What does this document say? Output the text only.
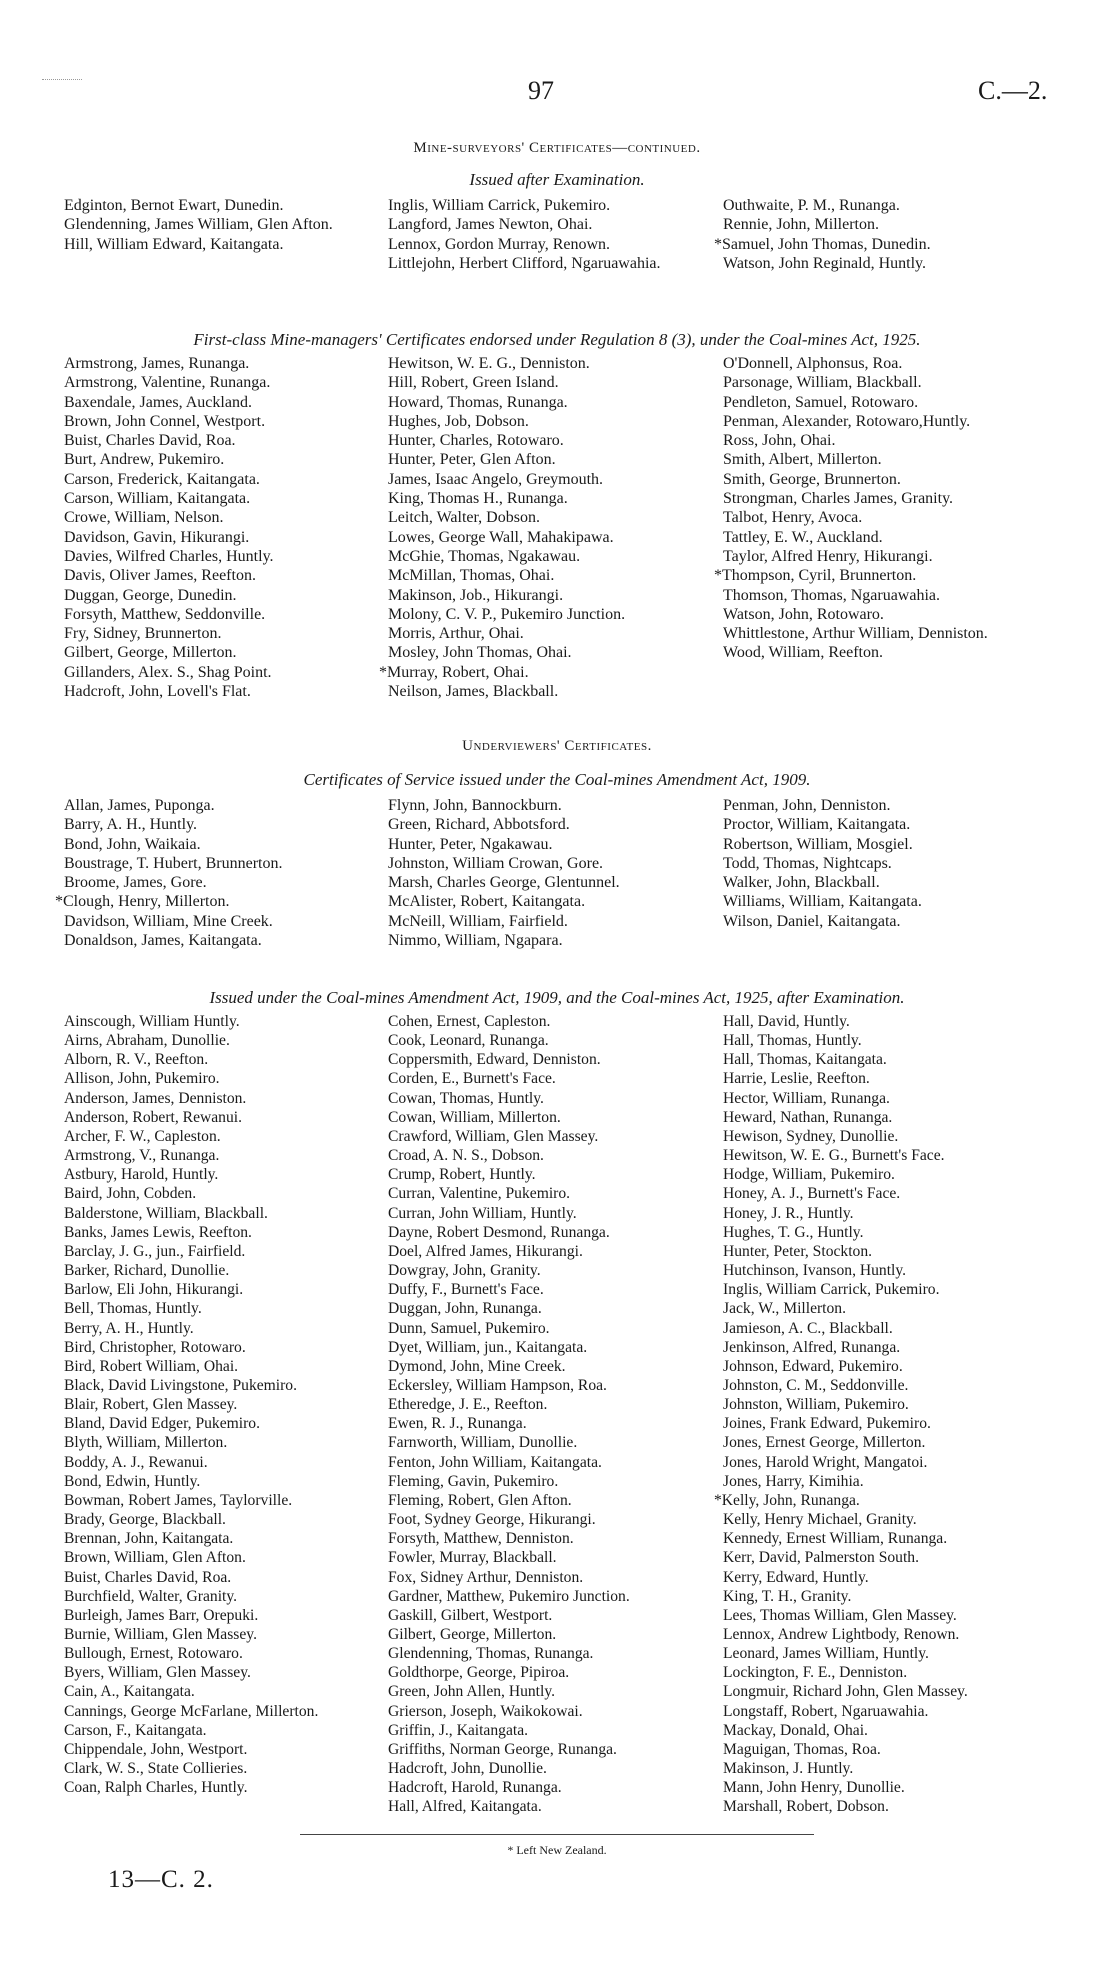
97	C.—2.
Mine-surveyors' Certificates—continued.
Issued after Examination.
Edginton, Bernot Ewart, Dunedin.
Glendenning, James William, Glen Afton.
Hill, William Edward, Kaitangata.
Inglis, William Carrick, Pukemiro.
Langford, James Newton, Ohai.
Lennox, Gordon Murray, Renown.
Littlejohn, Herbert Clifford, Ngaruawahia.
Outhwaite, P. M., Runanga.
Rennie, John, Millerton.
*Samuel, John Thomas, Dunedin.
Watson, John Reginald, Huntly.
First-class Mine-managers' Certificates endorsed under Regulation 8 (3), under the Coal-mines Act, 1925.
Armstrong, James, Runanga.
Armstrong, Valentine, Runanga.
Baxendale, James, Auckland.
Brown, John Connel, Westport.
Buist, Charles David, Roa.
Burt, Andrew, Pukemiro.
Carson, Frederick, Kaitangata.
Carson, William, Kaitangata.
Crowe, William, Nelson.
Davidson, Gavin, Hikurangi.
Davies, Wilfred Charles, Huntly.
Davis, Oliver James, Reefton.
Duggan, George, Dunedin.
Forsyth, Matthew, Seddonville.
Fry, Sidney, Brunnerton.
Gilbert, George, Millerton.
Gillanders, Alex. S., Shag Point.
Hadcroft, John, Lovell's Flat.
Hewitson, W. E. G., Denniston.
Hill, Robert, Green Island.
Howard, Thomas, Runanga.
Hughes, Job, Dobson.
Hunter, Charles, Rotowaro.
Hunter, Peter, Glen Afton.
James, Isaac Angelo, Greymouth.
King, Thomas H., Runanga.
Leitch, Walter, Dobson.
Lowes, George Wall, Mahakipawa.
McGhie, Thomas, Ngakawau.
McMillan, Thomas, Ohai.
Makinson, Job., Hikurangi.
Molony, C. V. P., Pukemiro Junction.
Morris, Arthur, Ohai.
Mosley, John Thomas, Ohai.
*Murray, Robert, Ohai.
Neilson, James, Blackball.
O'Donnell, Alphonsus, Roa.
Parsonage, William, Blackball.
Pendleton, Samuel, Rotowaro.
Penman, Alexander, Rotowaro,Huntly.
Ross, John, Ohai.
Smith, Albert, Millerton.
Smith, George, Brunnerton.
Strongman, Charles James, Granity.
Talbot, Henry, Avoca.
Tattley, E. W., Auckland.
Taylor, Alfred Henry, Hikurangi.
*Thompson, Cyril, Brunnerton.
Thomson, Thomas, Ngaruawahia.
Watson, John, Rotowaro.
Whittlestone, Arthur William, Denniston.
Wood, William, Reefton.
Underviewers' Certificates.
Certificates of Service issued under the Coal-mines Amendment Act, 1909.
Allan, James, Puponga.
Barry, A. H., Huntly.
Bond, John, Waikaia.
Boustrage, T. Hubert, Brunnerton.
Broome, James, Gore.
*Clough, Henry, Millerton.
Davidson, William, Mine Creek.
Donaldson, James, Kaitangata.
Flynn, John, Bannockburn.
Green, Richard, Abbotsford.
Hunter, Peter, Ngakawau.
Johnston, William Crowan, Gore.
Marsh, Charles George, Glentunnel.
McAlister, Robert, Kaitangata.
McNeill, William, Fairfield.
Nimmo, William, Ngapara.
Penman, John, Denniston.
Proctor, William, Kaitangata.
Robertson, William, Mosgiel.
Todd, Thomas, Nightcaps.
Walker, John, Blackball.
Williams, William, Kaitangata.
Wilson, Daniel, Kaitangata.
Issued under the Coal-mines Amendment Act, 1909, and the Coal-mines Act, 1925, after Examination.
Ainscough, William Huntly.
Airns, Abraham, Dunollie.
Alborn, R. V., Reefton.
Allison, John, Pukemiro.
Anderson, James, Denniston.
Anderson, Robert, Rewanui.
Archer, F. W., Capleston.
Armstrong, V., Runanga.
Astbury, Harold, Huntly.
Baird, John, Cobden.
Balderstone, William, Blackball.
Banks, James Lewis, Reefton.
Barclay, J. G., jun., Fairfield.
Barker, Richard, Dunollie.
Barlow, Eli John, Hikurangi.
Bell, Thomas, Huntly.
Berry, A. H., Huntly.
Bird, Christopher, Rotowaro.
Bird, Robert William, Ohai.
Black, David Livingstone, Pukemiro.
Blair, Robert, Glen Massey.
Bland, David Edger, Pukemiro.
Blyth, William, Millerton.
Boddy, A. J., Rewanui.
Bond, Edwin, Huntly.
Bowman, Robert James, Taylorville.
Brady, George, Blackball.
Brennan, John, Kaitangata.
Brown, William, Glen Afton.
Buist, Charles David, Roa.
Burchfield, Walter, Granity.
Burleigh, James Barr, Orepuki.
Burnie, William, Glen Massey.
Bullough, Ernest, Rotowaro.
Byers, William, Glen Massey.
Cain, A., Kaitangata.
Cannings, George McFarlane, Millerton.
Carson, F., Kaitangata.
Chippendale, John, Westport.
Clark, W. S., State Collieries.
Coan, Ralph Charles, Huntly.
Cohen, Ernest, Capleston.
Cook, Leonard, Runanga.
Coppersmith, Edward, Denniston.
Corden, E., Burnett's Face.
Cowan, Thomas, Huntly.
Cowan, William, Millerton.
Crawford, William, Glen Massey.
Croad, A. N. S., Dobson.
Crump, Robert, Huntly.
Curran, Valentine, Pukemiro.
Curran, John William, Huntly.
Dayne, Robert Desmond, Runanga.
Doel, Alfred James, Hikurangi.
Dowgray, John, Granity.
Duffy, F., Burnett's Face.
Duggan, John, Runanga.
Dunn, Samuel, Pukemiro.
Dyet, William, jun., Kaitangata.
Dymond, John, Mine Creek.
Eckersley, William Hampson, Roa.
Etheredge, J. E., Reefton.
Ewen, R. J., Runanga.
Farnworth, William, Dunollie.
Fenton, John William, Kaitangata.
Fleming, Gavin, Pukemiro.
Fleming, Robert, Glen Afton.
Foot, Sydney George, Hikurangi.
Forsyth, Matthew, Denniston.
Fowler, Murray, Blackball.
Fox, Sidney Arthur, Denniston.
Gardner, Matthew, Pukemiro Junction.
Gaskill, Gilbert, Westport.
Gilbert, George, Millerton.
Glendenning, Thomas, Runanga.
Goldthorpe, George, Pipiroa.
Green, John Allen, Huntly.
Grierson, Joseph, Waikokowai.
Griffin, J., Kaitangata.
Griffiths, Norman George, Runanga.
Hadcroft, John, Dunollie.
Hadcroft, Harold, Runanga.
Hall, Alfred, Kaitangata.
Hall, David, Huntly.
Hall, Thomas, Huntly.
Hall, Thomas, Kaitangata.
Harrie, Leslie, Reefton.
Hector, William, Runanga.
Heward, Nathan, Runanga.
Hewison, Sydney, Dunollie.
Hewitson, W. E. G., Burnett's Face.
Hodge, William, Pukemiro.
Honey, A. J., Burnett's Face.
Honey, J. R., Huntly.
Hughes, T. G., Huntly.
Hunter, Peter, Stockton.
Hutchinson, Ivanson, Huntly.
Inglis, William Carrick, Pukemiro.
Jack, W., Millerton.
Jamieson, A. C., Blackball.
Jenkinson, Alfred, Runanga.
Johnson, Edward, Pukemiro.
Johnston, C. M., Seddonville.
Johnston, William, Pukemiro.
Joines, Frank Edward, Pukemiro.
Jones, Ernest George, Millerton.
Jones, Harold Wright, Mangatoi.
Jones, Harry, Kimihia.
*Kelly, John, Runanga.
Kelly, Henry Michael, Granity.
Kennedy, Ernest William, Runanga.
Kerr, David, Palmerston South.
Kerry, Edward, Huntly.
King, T. H., Granity.
Lees, Thomas William, Glen Massey.
Lennox, Andrew Lightbody, Renown.
Leonard, James William, Huntly.
Lockington, F. E., Denniston.
Longmuir, Richard John, Glen Massey.
Longstaff, Robert, Ngaruawahia.
Mackay, Donald, Ohai.
Maguigan, Thomas, Roa.
Makinson, J. Huntly.
Mann, John Henry, Dunollie.
Marshall, Robert, Dobson.
* Left New Zealand.
13—C. 2.
